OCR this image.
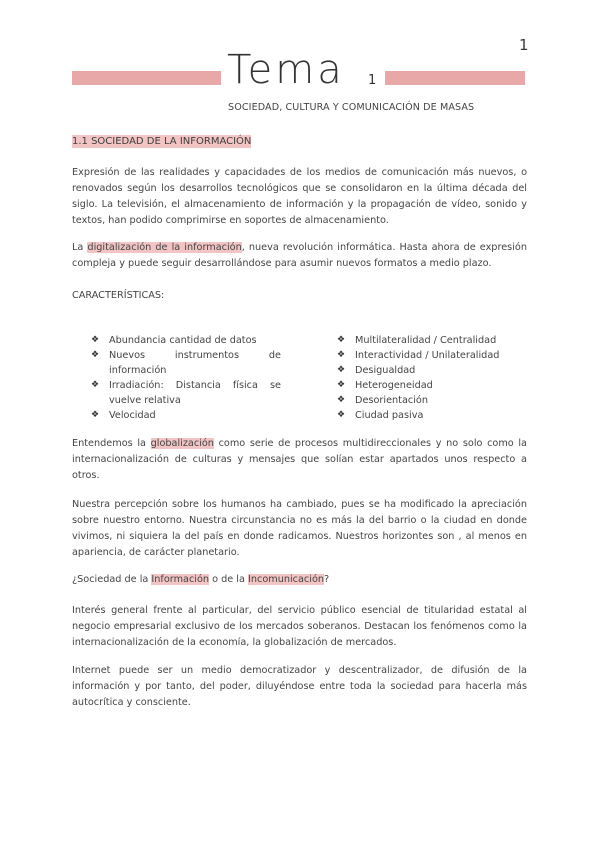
1
Tema 1
SOCIEDAD, CULTURA Y COMUNICACIÓN DE MASAS
1.1 SOCIEDAD DE LA INFORMACIÓN

Expresión de las realidades y capacidades de los medios de comunicación más nuevos, o renovados según los desarrollos tecnológicos que se consolidaron en la última década del siglo. La televisión, el almacenamiento de información y la propagación de vídeo, sonido y textos, han podido comprimirse en soportes de almacenamiento.

La digitalización de la información, nueva revolución informática. Hasta ahora de expresión compleja y puede seguir desarrollándose para asumir nuevos formatos a medio plazo.

CARACTERÍSTICAS:
❖ Abundancia cantidad de datos
❖ Nuevos instrumentos de información
❖ Irradiación: Distancia física se vuelve relativa
❖ Velocidad
❖ Multilateralidad / Centralidad
❖ Interactividad / Unilateralidad
❖ Desigualdad
❖ Heterogeneidad
❖ Desorientación
❖ Ciudad pasiva

Entendemos la globalización como serie de procesos multidireccionales y no solo como la internacionalización de culturas y mensajes que solían estar apartados unos respecto a otros.

Nuestra percepción sobre los humanos ha cambiado, pues se ha modificado la apreciación sobre nuestro entorno. Nuestra circunstancia no es más la del barrio o la ciudad en donde vivimos, ni siquiera la del país en donde radicamos. Nuestros horizontes son , al menos en apariencia, de carácter planetario.

¿Sociedad de la Información o de la Incomunicación?

Interés general frente al particular, del servicio público esencial de titularidad estatal al negocio empresarial exclusivo de los mercados soberanos. Destacan los fenómenos como la internacionalización de la economía, la globalización de mercados.

Internet puede ser un medio democratizador y descentralizador, de difusión de la información y por tanto, del poder, diluyéndose entre toda la sociedad para hacerla más autocrítica y consciente.
